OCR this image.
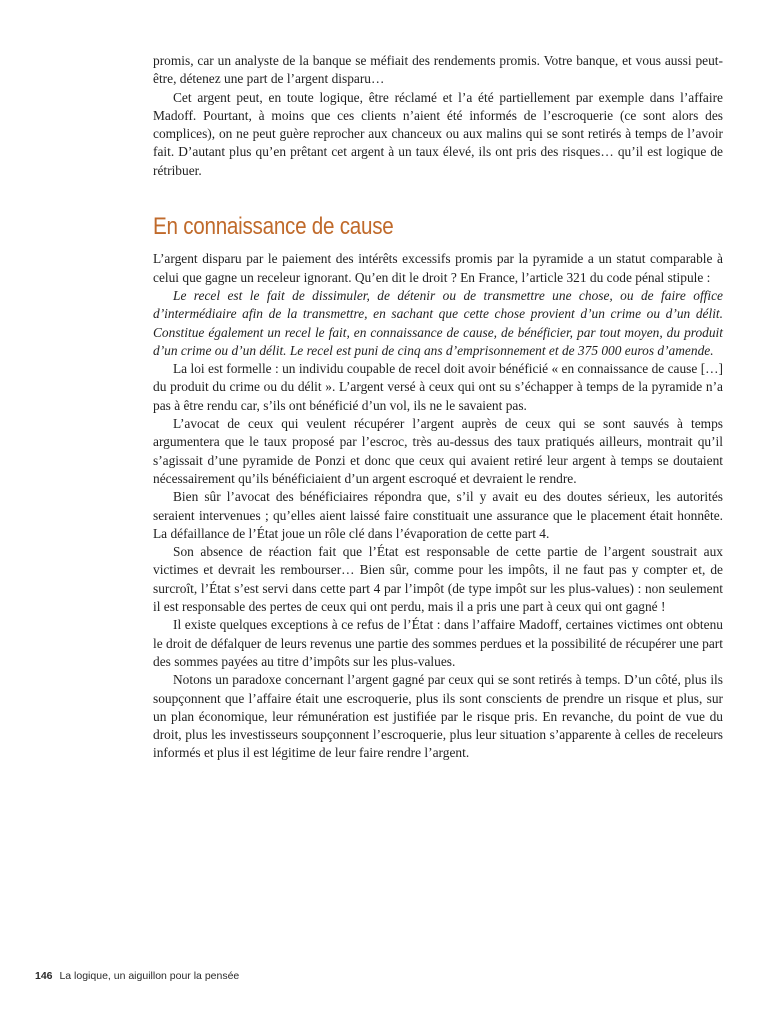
promis, car un analyste de la banque se méfiait des rendements promis. Votre banque, et vous aussi peut-être, détenez une part de l’argent disparu…

Cet argent peut, en toute logique, être réclamé et l’a été partiellement par exemple dans l’affaire Madoff. Pourtant, à moins que ces clients n’aient été informés de l’escroquerie (ce sont alors des complices), on ne peut guère reprocher aux chanceux ou aux malins qui se sont retirés à temps de l’avoir fait. D’autant plus qu’en prêtant cet argent à un taux élevé, ils ont pris des risques… qu’il est logique de rétribuer.

En connaissance de cause

L’argent disparu par le paiement des intérêts excessifs promis par la pyramide a un statut comparable à celui que gagne un receleur ignorant. Qu’en dit le droit ? En France, l’article 321 du code pénal stipule :

Le recel est le fait de dissimuler, de détenir ou de transmettre une chose, ou de faire office d’intermédiaire afin de la transmettre, en sachant que cette chose provient d’un crime ou d’un délit. Constitue également un recel le fait, en connaissance de cause, de bénéficier, par tout moyen, du produit d’un crime ou d’un délit. Le recel est puni de cinq ans d’emprisonnement et de 375 000 euros d’amende.

La loi est formelle : un individu coupable de recel doit avoir bénéficié « en connaissance de cause […] du produit du crime ou du délit ». L’argent versé à ceux qui ont su s’échapper à temps de la pyramide n’a pas à être rendu car, s’ils ont bénéficié d’un vol, ils ne le savaient pas.

L’avocat de ceux qui veulent récupérer l’argent auprès de ceux qui se sont sauvés à temps argumentera que le taux proposé par l’escroc, très au-dessus des taux pratiqués ailleurs, montrait qu’il s’agissait d’une pyramide de Ponzi et donc que ceux qui avaient retiré leur argent à temps se doutaient nécessairement qu’ils bénéficiaient d’un argent escroqué et devraient le rendre.

Bien sûr l’avocat des bénéficiaires répondra que, s’il y avait eu des doutes sérieux, les autorités seraient intervenues ; qu’elles aient laissé faire constituait une assurance que le placement était honnête. La défaillance de l’État joue un rôle clé dans l’évaporation de cette part 4.

Son absence de réaction fait que l’État est responsable de cette partie de l’argent soustrait aux victimes et devrait les rembourser… Bien sûr, comme pour les impôts, il ne faut pas y compter et, de surcroît, l’État s’est servi dans cette part 4 par l’impôt (de type impôt sur les plus-values) : non seulement il est responsable des pertes de ceux qui ont perdu, mais il a pris une part à ceux qui ont gagné !

Il existe quelques exceptions à ce refus de l’État : dans l’affaire Madoff, certaines victimes ont obtenu le droit de défalquer de leurs revenus une partie des sommes perdues et la possibilité de récupérer une part des sommes payées au titre d’impôts sur les plus-values.

Notons un paradoxe concernant l’argent gagné par ceux qui se sont retirés à temps. D’un côté, plus ils soupçonnent que l’affaire était une escroquerie, plus ils sont conscients de prendre un risque et plus, sur un plan économique, leur rémunération est justifiée par le risque pris. En revanche, du point de vue du droit, plus les investisseurs soupçonnent l’escroquerie, plus leur situation s’apparente à celles de receleurs informés et plus il est légitime de leur faire rendre l’argent.

146 La logique, un aiguillon pour la pensée
